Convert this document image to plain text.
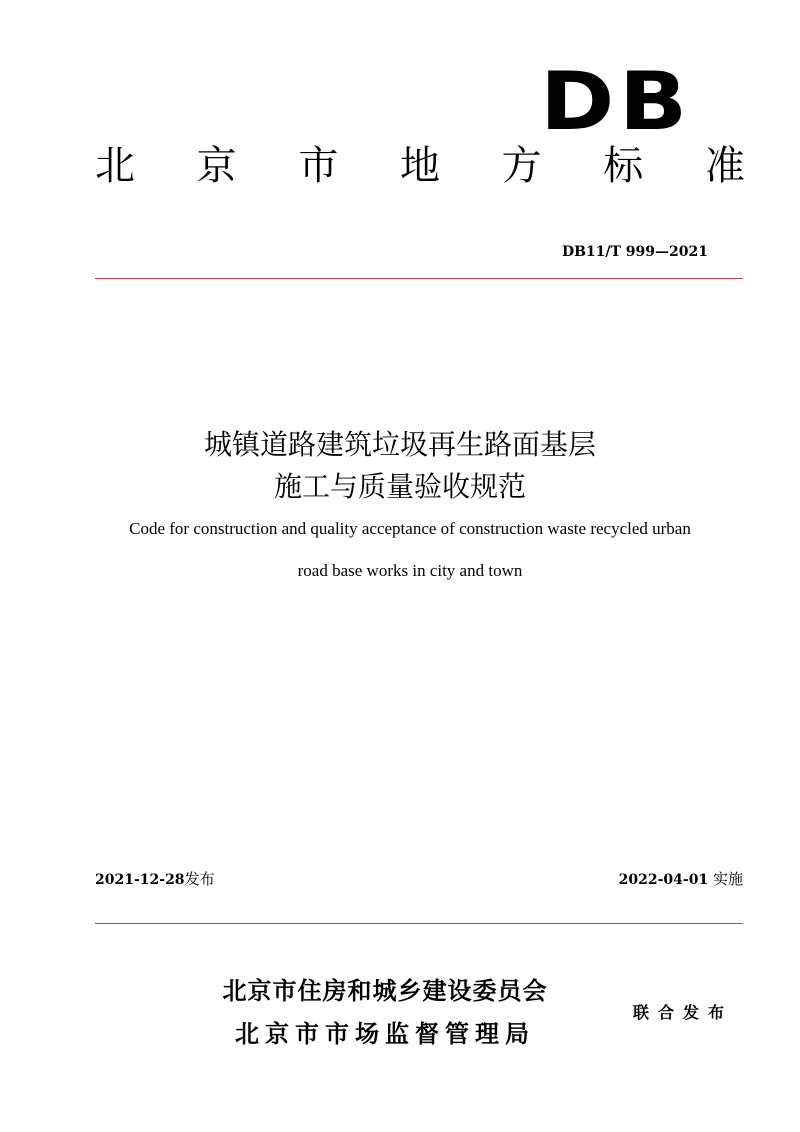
DB
北 京 市 地 方 标 准
DB11/T 999—2021
城镇道路建筑垃圾再生路面基层
施工与质量验收规范
Code for construction and quality acceptance of construction waste recycled urban
road base works in city and town
2021-12-28发布	2022-04-01 实施
北京市住房和城乡建设委员会
北京市市场监督管理局
联合发布
